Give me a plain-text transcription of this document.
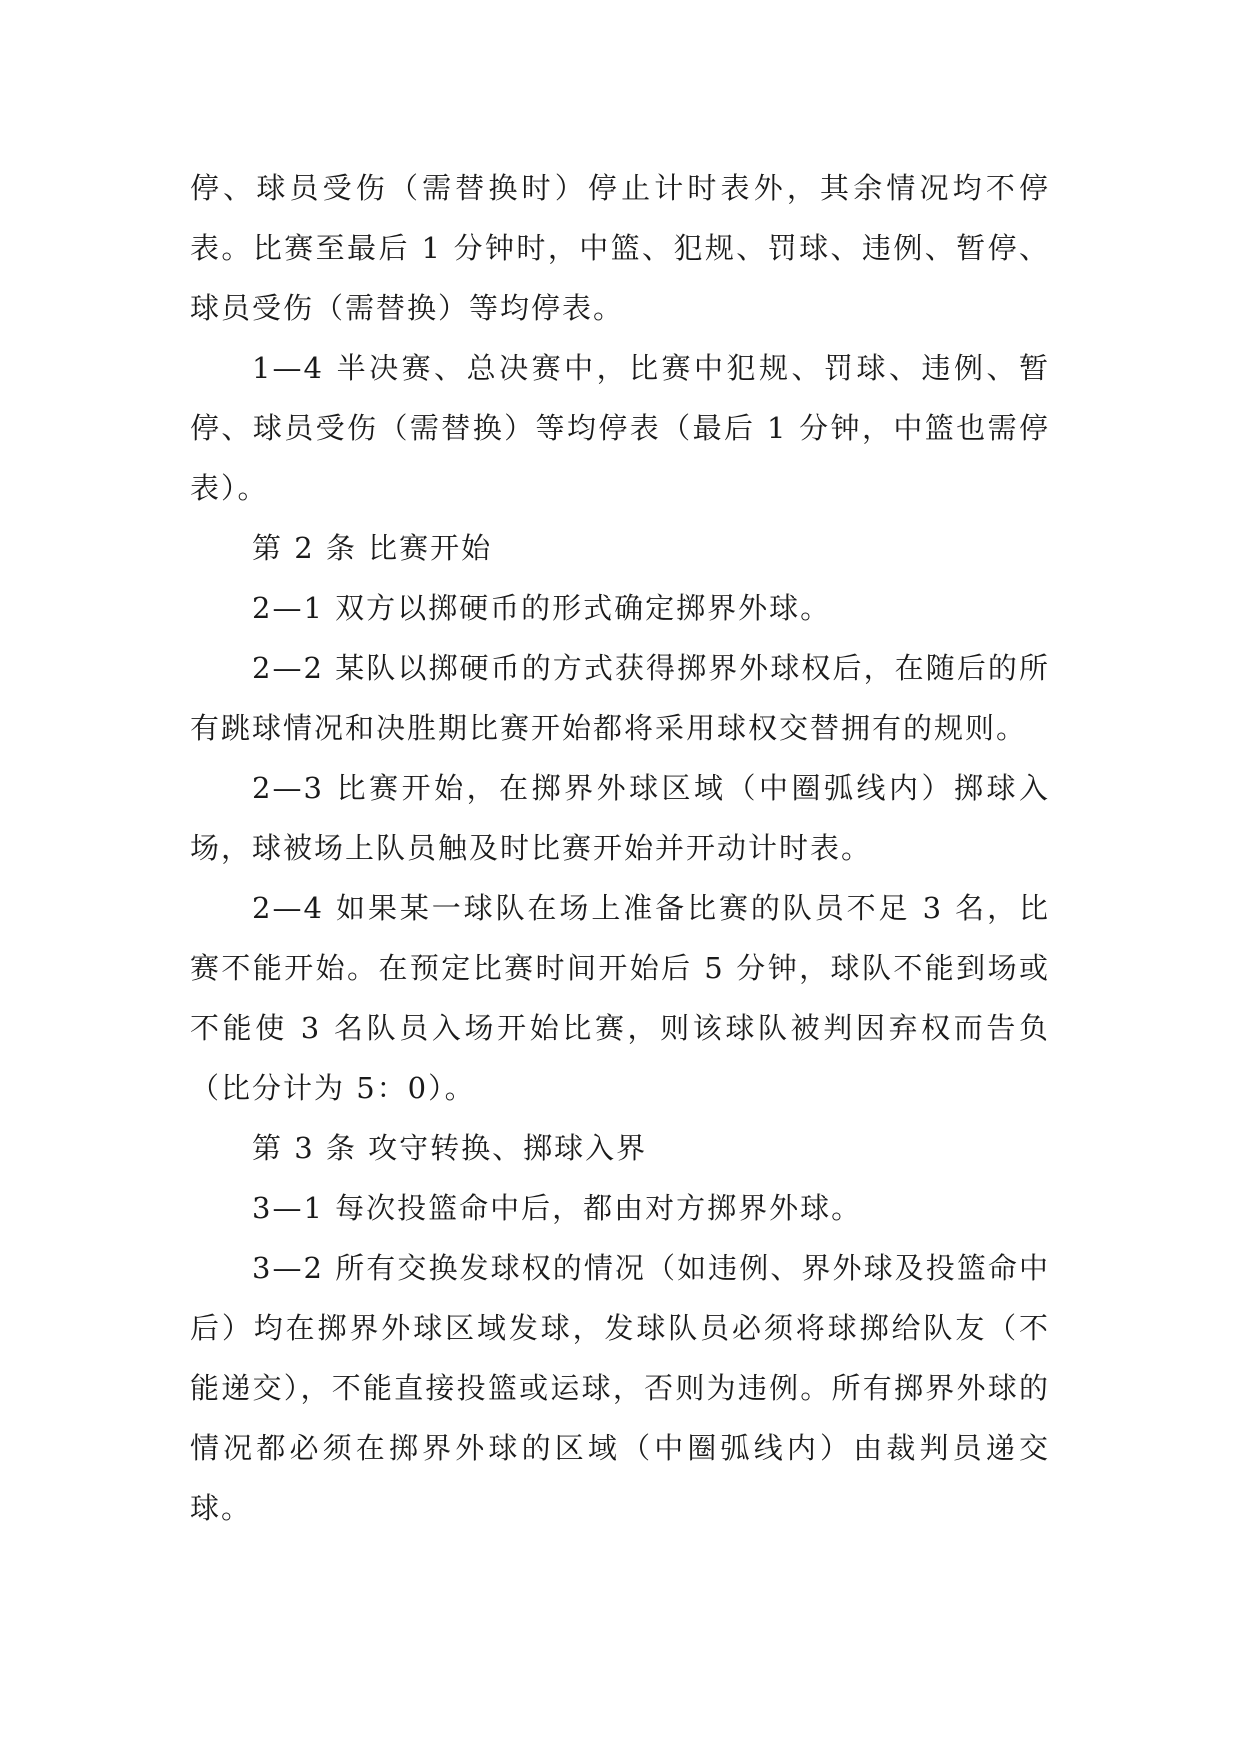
停、球员受伤（需替换时）停止计时表外，其余情况均不停表。比赛至最后 1 分钟时，中篮、犯规、罚球、违例、暂停、球员受伤（需替换）等均停表。

1—4 半决赛、总决赛中，比赛中犯规、罚球、违例、暂停、球员受伤（需替换）等均停表（最后 1 分钟，中篮也需停表）。

第 2 条 比赛开始

2—1 双方以掷硬币的形式确定掷界外球。

2—2 某队以掷硬币的方式获得掷界外球权后，在随后的所有跳球情况和决胜期比赛开始都将采用球权交替拥有的规则。

2—3 比赛开始，在掷界外球区域（中圈弧线内）掷球入场，球被场上队员触及时比赛开始并开动计时表。

2—4 如果某一球队在场上准备比赛的队员不足 3 名，比赛不能开始。在预定比赛时间开始后 5 分钟，球队不能到场或不能使 3 名队员入场开始比赛，则该球队被判因弃权而告负（比分计为 5：0）。

第 3 条 攻守转换、掷球入界

3—1 每次投篮命中后，都由对方掷界外球。

3—2 所有交换发球权的情况（如违例、界外球及投篮命中后）均在掷界外球区域发球，发球队员必须将球掷给队友（不能递交），不能直接投篮或运球，否则为违例。所有掷界外球的情况都必须在掷界外球的区域（中圈弧线内）由裁判员递交球。
